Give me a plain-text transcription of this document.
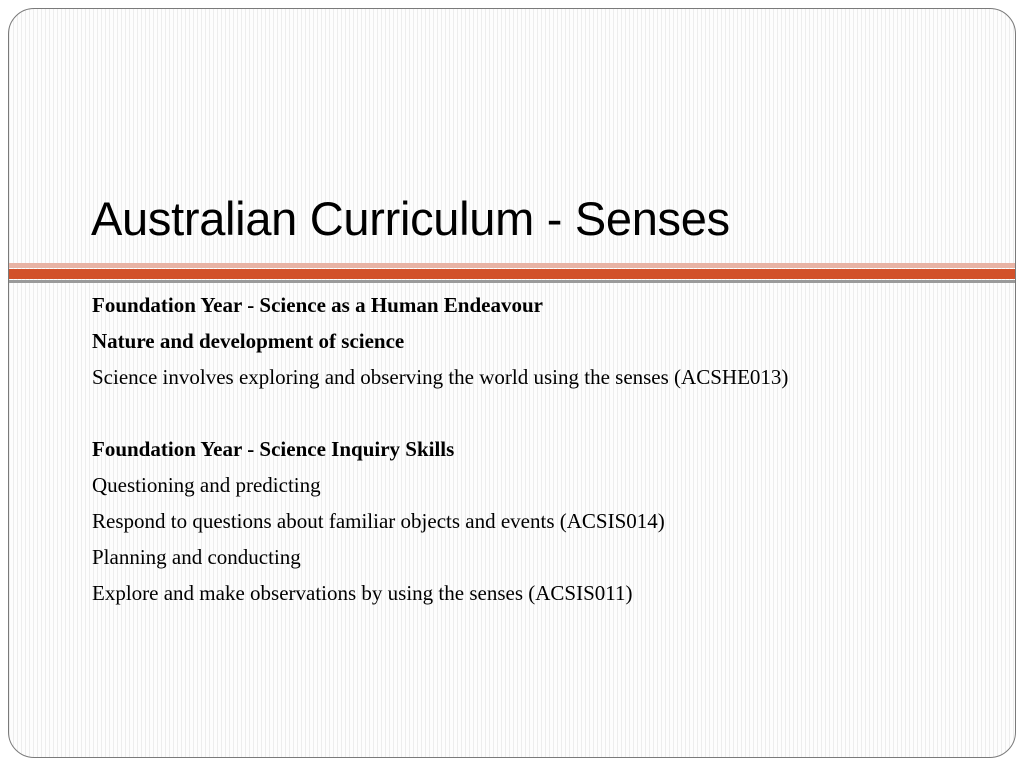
Australian Curriculum - Senses
Foundation Year - Science as a Human Endeavour
Nature and development of science
Science involves exploring and observing the world using the senses (ACSHE013)
Foundation Year - Science Inquiry Skills
Questioning and predicting
Respond to questions about familiar objects and events (ACSIS014)
Planning and conducting
Explore and make observations by using the senses (ACSIS011)
